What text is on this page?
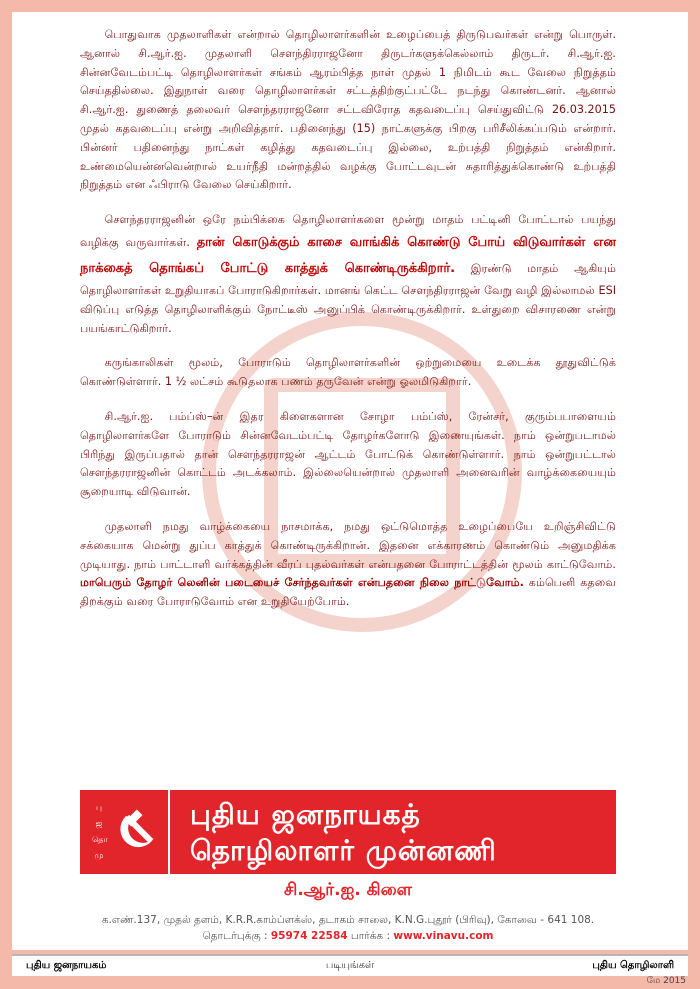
பொதுவாக முதலாளிகள் என்றால் தொழிலாளர்களின் உழைப்பைத் திருடுபவர்கள் என்று பொருள். ஆனால் சி.ஆர்.ஐ. முதலாளி சௌந்திரராஜனோ திருடர்களுக்கெல்லாம் திருடர். சி.ஆர்.ஐ. சின்னவேடம்பட்டி தொழிலாளர்கள் சங்கம் ஆரம்பித்த நாள் முதல் 1 நிமிடம் கூட வேலை நிறுத்தம் செய்ததில்லை. இதுநாள் வரை தொழிலாளர்கள் சட்டத்திற்குட்பட்டே நடந்து கொண்டனர். ஆனால் சி.ஆர்.ஐ. துணைத் தலைவர் சௌந்தரராஜனோ சட்டவிரோத கதவடைப்பு செய்துவிட்டு 26.03.2015 முதல் கதவடைப்பு என்று அறிவித்தார். பதினைந்து (15) நாட்களுக்கு பிறகு பரிசீலிக்கப்படும் என்றார். பின்னர் பதினைந்து நாட்கள் கழித்து கதவடைப்பு இல்லை, உற்பத்தி நிறுத்தம் என்கிறார். உண்மையென்னவென்றால் உயர்நீதி மன்றத்தில் வழக்கு போட்டவுடன் சுதாரித்துக்கொண்டு உற்பத்தி நிறுத்தம் என ஃபிராடு வேலை செய்கிறார்.

சௌந்தரராஜனின் ஒரே நம்பிக்கை தொழிலாளர்களை மூன்று மாதம் பட்டினி போட்டால் பயந்து வழிக்கு வருவார்கள். தான் கொடுக்கும் காசை வாங்கிக் கொண்டு போய் விடுவார்கள் என நாக்கைத் தொங்கப் போட்டு காத்துக் கொண்டிருக்கிறார். இரண்டு மாதம் ஆகியும் தொழிலாளர்கள் உறுதியாகப் போராடுகிறார்கள். மானங் கெட்ட சௌந்திரராஜன் வேறு வழி இல்லாமல் ESI விடுப்பு எடுத்த தொழிலாளிக்கும் நோட்டீஸ் அனுப்பிக் கொண்டிருக்கிறார். உள்துறை விசாரணை என்று பயங்காட்டுகிறார்.

கருங்காலிகள் மூலம், போராடும் தொழிலாளர்களின் ஒற்றுமையை உடைக்க தூதுவிட்டுக் கொண்டுள்ளார். 1 ½ லட்சம் கூடுதலாக பணம் தருவேன் என்று ஓலமிடுகிறார்.

சி.ஆர்.ஐ. பம்ப்ஸ்–ன் இதர கிளைகளான சோழா பம்ப்ஸ், ரேன்சர், குரும்பபாளையம் தொழிலாளர்களே போராடும் சின்னவேடம்பட்டி தோழர்களோடு இணையுங்கள். நாம் ஒன்றுபடாமல் பிரிந்து இருப்பதால் தான் சௌந்தரராஜன் ஆட்டம் போட்டுக் கொண்டுள்ளார். நாம் ஒன்றுபட்டால் சௌந்தரராஜனின் கொட்டம் அடக்கலாம். இல்லையென்றால் முதலாளி அனைவரின் வாழ்க்கையையும் சூறையாடி விடுவான்.

முதலாளி நமது வாழ்க்கையை நாசமாக்க, நமது ஒட்டுமொத்த உழைப்பையே உறிஞ்சிவிட்டு சக்கையாக மென்று துப்ப காத்துக் கொண்டிருக்கிறான். இதனை எக்காரணம் கொண்டும் அனுமதிக்க முடியாது. நாம் பாட்டாளி வர்க்கத்தின் வீரப் புதல்வர்கள் என்பதனை போராட்டத்தின் மூலம் காட்டுவோம். மாபெரும் தோழர் லெனின் படையைச் சேர்ந்தவர்கள் என்பதனை நிலை நாட்டுவோம். கம்பெனி கதவை திறக்கும் வரை போராடுவோம் என உறுதியேற்போம்.

பு
ஜ
தொ
மு
புதிய ஜனநாயகத்
தொழிலாளர் முன்னணி
சி.ஆர்.ஐ. கிளை
க.எண்.137, முதல் தளம், K.R.R.காம்ப்ளக்ஸ், தடாகம் சாலை, K.N.G.புதூர் (பிரிவு), கோவை - 641 108.
தொடர்புக்கு : 95974 22584 பார்க்க : www.vinavu.com
புதிய ஜனநாயகம்	படியுங்கள்	புதிய தொழிலாளி
மே 2015
